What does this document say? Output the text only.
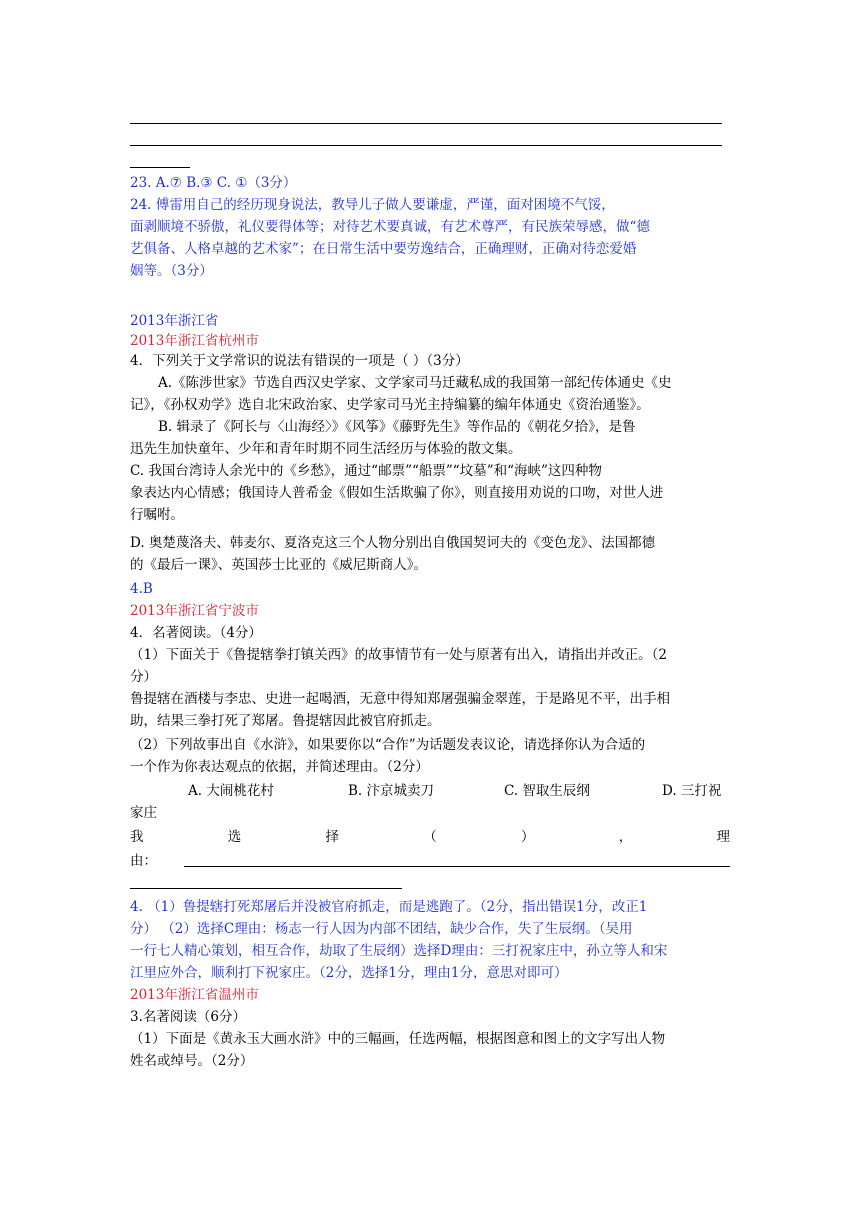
23. A.⑦ B.③ C. ①（3分）
24. 傅雷用自己的经历现身说法，教导儿子做人要谦虚，严谨，面对困境不气馁，
面剥顺境不骄傲，礼仪要得体等；对待艺术要真诚，有艺术尊严，有民族荣辱感，做“德
艺俱备、人格卓越的艺术家”；在日常生活中要劳逸结合，正确理财，正确对待恋爱婚
姻等。（3分）
2013年浙江省
2013年浙江省杭州市
4．下列关于文学常识的说法有错误的一项是（ ）（3分）
A.《陈涉世家》节选自西汉史学家、文学家司马迁藏私成的我国第一部纪传体通史《史
记》，《孙权劝学》选自北宋政治家、史学家司马光主持编纂的编年体通史《资治通鉴》。
B. 辑录了《阿长与〈山海经〉》《风筝》《藤野先生》等作品的《朝花夕拾》，是鲁
迅先生加快童年、少年和青年时期不同生活经历与体验的散文集。
C. 我国台湾诗人余光中的《乡愁》，通过“邮票”“船票”“坟墓”和“海峡”这四种物
象表达内心情感；俄国诗人普希金《假如生活欺骗了你》，则直接用劝说的口吻，对世人进
行嘱咐。
D. 奥楚蔑洛夫、韩麦尔、夏洛克这三个人物分别出自俄国契诃夫的《变色龙》、法国都德
的《最后一课》、英国莎士比亚的《威尼斯商人》。
4.B
2013年浙江省宁波市
4．名著阅读。（4分）
（1）下面关于《鲁提辖拳打镇关西》的故事情节有一处与原著有出入，请指出并改正。（2
分）
鲁提辖在酒楼与李忠、史进一起喝酒，无意中得知郑屠强骗金翠莲，于是路见不平，出手相
助，结果三拳打死了郑屠。鲁提辖因此被官府抓走。
（2）下列故事出自《水浒》，如果要你以“合作”为话题发表议论，请选择你认为合适的
一个作为你表达观点的依据，并简述理由。（2分）
A. 大闹桃花村	B. 汴京城卖刀	C. 智取生辰纲	D. 三打祝
家庄
我	选	择	（	）	，	理
由：
4. （1）鲁提辖打死郑屠后并没被官府抓走，而是逃跑了。（2分，指出错误1分，改正1
分） （2）选择C理由：杨志一行人因为内部不团结，缺少合作，失了生辰纲。（吴用
一行七人精心策划，相互合作，劫取了生辰纲）选择D理由：三打祝家庄中，孙立等人和宋
江里应外合，顺利打下祝家庄。（2分，选择1分，理由1分，意思对即可）
2013年浙江省温州市
3.名著阅读（6分）
（1）下面是《黄永玉大画水浒》中的三幅画，任选两幅，根据图意和图上的文字写出人物
姓名或绰号。（2分）
